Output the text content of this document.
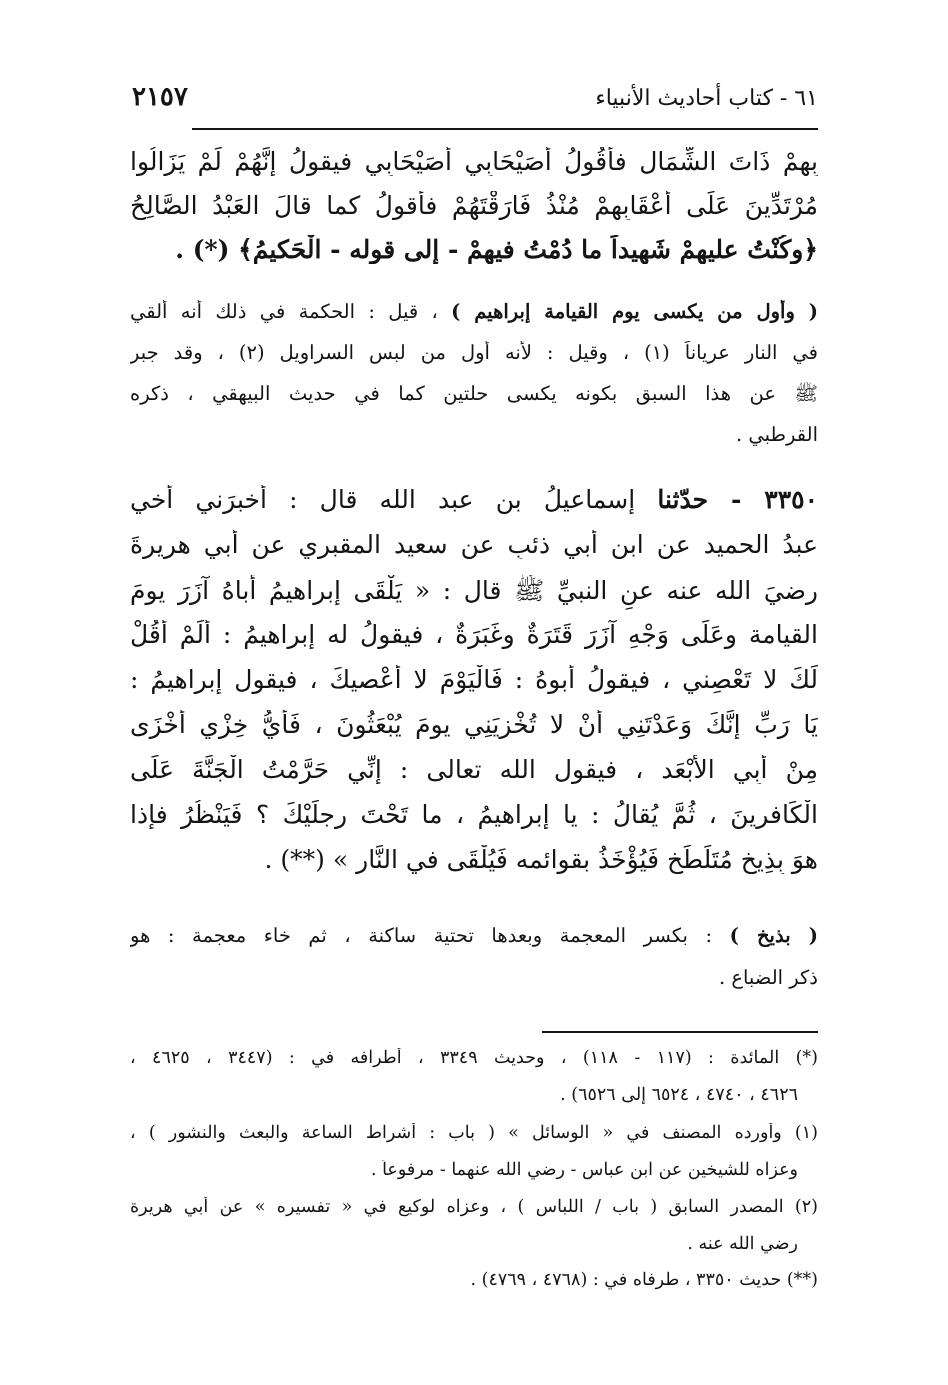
٦١ - كتاب أحاديث الأنبياء
٢١٥٧
بِهِمْ ذَاتَ الشِّمَالِ فأقُولُ أُصَيْحَابِي أُصَيْحَابِي فيقولُ إِنَّهُمْ لَمْ يَزَالُوا
مُرْتَدِّينَ عَلَى أَعْقَابِهِمْ مُنْذُ فَارَقْتَهُمْ فأقولُ كما قالَ العَبْدُ الصَّالِحُ
﴿وكُنْتُ عليهمْ شَهيداً ما دُمْتُ فيهمْ - إلى قوله - الْحَكيمُ﴾ (*) .
( وأول من يكسى يوم القيامة إبراهيم ) ، قيل : الحكمة في ذلك أنه ألقي
في النار عرياناً (١) ، وقيل : لأنه أول من لبس السراويل (٢) ، وقد جبر
ﷺ عن هذا السبق بكونه يكسى حلتين كما في حديث البيهقي ، ذكره
القرطبي .
٣٣٥٠ - حدّثنا إسماعيلُ بن عبد الله قال : أَخبرَني أَخي
عبدُ الحميد عنِ ابنِ أبي ذئبٍ عن سعيد المقبري عن أَبي هريرةَ
رضيَ الله عنه عنِ النبيِّ ﷺ قال : « يَلْقَى إبراهيمُ أَباهُ آزَرَ يومَ
القيامة وعَلَى وَجْهِ آزَرَ قَتَرَةٌ وغَبَرَةٌ ، فيقولُ له إبراهيمُ : أَلَمْ أَقُلْ
لَكَ لا تَعْصِني ، فيقولُ أبوهُ : فَالْيَوْمَ لا أَعْصيكَ ، فيقول إبراهيمُ :
يَا رَبِّ إِنَّكَ وَعَدْتَنِي أَنْ لا تُخْزِيَنِي يومَ يُبْعَثُونَ ، فَأَيُّ خِزْيٍ أَخْزَى
مِنْ أَبِي الأَبْعَد ، فيقول الله تعالى : إنِّي حَرَّمْتُ الْجَنَّةَ عَلَى
الْكَافرينَ ، ثُمَّ يُقالُ : يا إبراهيمُ ، ما تَحْتَ رِجلَيْكَ ؟ فَيَنْظُرُ فإذا
هوَ بِذِيخٍ مُتَلَطِّخٍ فَيُؤْخَذُ بقوائمه فَيُلْقَى في النَّارِ » (**) .
( بذيخ ) : بكسر المعجمة وبعدها تحتية ساكنة ، ثم خاء معجمة : هو
ذكر الضباع .
(*) المائدة : (١١٧ - ١١٨) ، وحديث ٣٣٤٩ ، أطرافه في : (٣٤٤٧ ، ٤٦٢٥ ،
٤٦٢٦ ، ٤٧٤٠ ، ٦٥٢٤ إلى ٦٥٢٦) .
(١) وأورده المصنف في « الوسائل » ( باب : أشراط الساعة والبعث والنشور ) ،
وعزاه للشيخين عن ابن عباس - رضي الله عنهما - مرفوعاً .
(٢) المصدر السابق ( باب / اللباس ) ، وعزاه لوكيع في « تفسيره » عن أبي هريرة
رضي الله عنه .
(**) حديث ٣٣٥٠ ، طرفاه في : (٤٧٦٨ ، ٤٧٦٩) .
